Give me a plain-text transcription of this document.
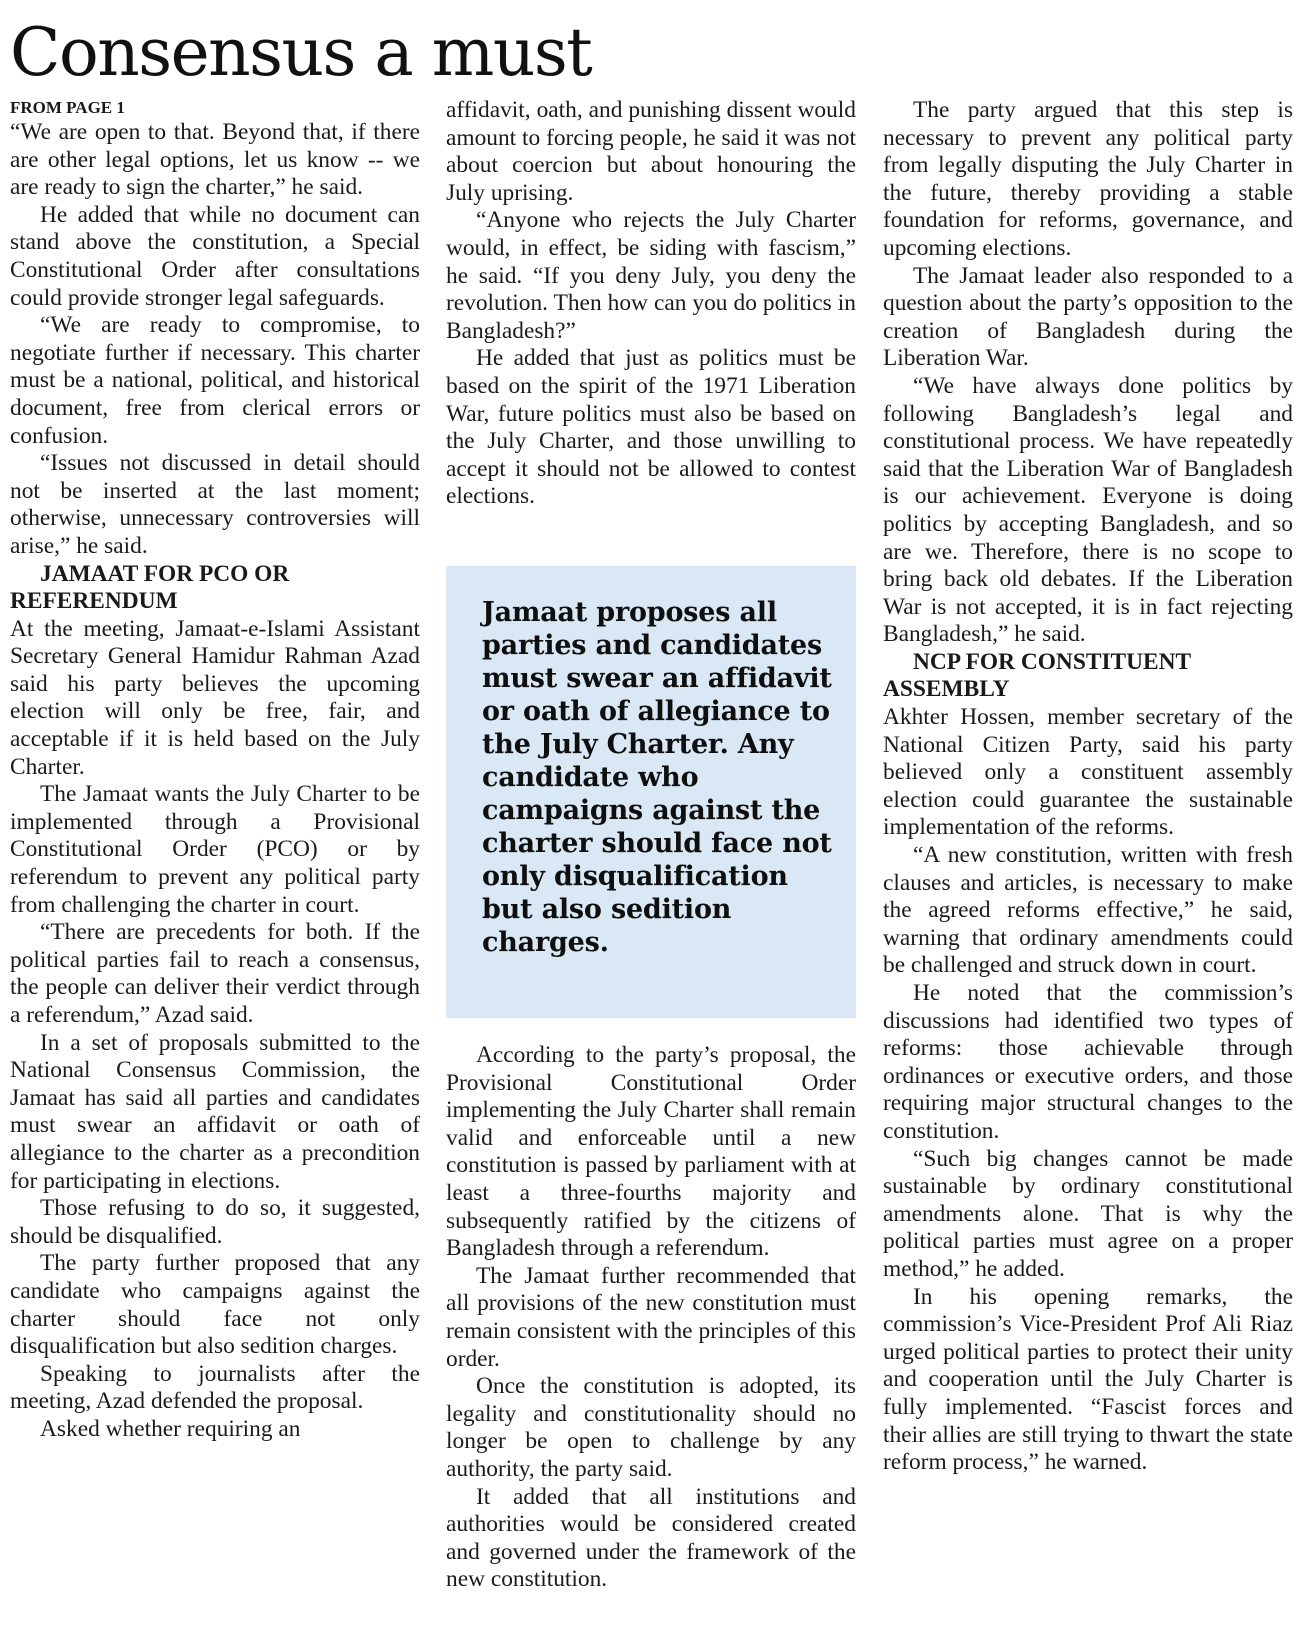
Consensus a must

FROM PAGE 1

“We are open to that. Beyond that, if there are other legal options, let us know -- we are ready to sign the charter,” he said.

He added that while no document can stand above the constitution, a Special Constitutional Order after consultations could provide stronger legal safeguards.

“We are ready to compromise, to negotiate further if necessary. This charter must be a national, political, and historical document, free from clerical errors or confusion.

“Issues not discussed in detail should not be inserted at the last moment; otherwise, unnecessary controversies will arise,” he said.

JAMAAT FOR PCO OR REFERENDUM

At the meeting, Jamaat-e-Islami Assistant Secretary General Hamidur Rahman Azad said his party believes the upcoming election will only be free, fair, and acceptable if it is held based on the July Charter.

The Jamaat wants the July Charter to be implemented through a Provisional Constitutional Order (PCO) or by referendum to prevent any political party from challenging the charter in court.

“There are precedents for both. If the political parties fail to reach a consensus, the people can deliver their verdict through a referendum,” Azad said.

In a set of proposals submitted to the National Consensus Commission, the Jamaat has said all parties and candidates must swear an affidavit or oath of allegiance to the charter as a precondition for participating in elections.

Those refusing to do so, it suggested, should be disqualified.

The party further proposed that any candidate who campaigns against the charter should face not only disqualification but also sedition charges.

Speaking to journalists after the meeting, Azad defended the proposal.

Asked whether requiring an

affidavit, oath, and punishing dissent would amount to forcing people, he said it was not about coercion but about honouring the July uprising.

“Anyone who rejects the July Charter would, in effect, be siding with fascism,” he said. “If you deny July, you deny the revolution. Then how can you do politics in Bangladesh?”

He added that just as politics must be based on the spirit of the 1971 Liberation War, future politics must also be based on the July Charter, and those unwilling to accept it should not be allowed to contest elections.

Jamaat proposes all parties and candidates must swear an affidavit or oath of allegiance to the July Charter. Any candidate who campaigns against the charter should face not only disqualification but also sedition charges.

According to the party’s proposal, the Provisional Constitutional Order implementing the July Charter shall remain valid and enforceable until a new constitution is passed by parliament with at least a three-fourths majority and subsequently ratified by the citizens of Bangladesh through a referendum.

The Jamaat further recommended that all provisions of the new constitution must remain consistent with the principles of this order.

Once the constitution is adopted, its legality and constitutionality should no longer be open to challenge by any authority, the party said.

It added that all institutions and authorities would be considered created and governed under the framework of the new constitution.

The party argued that this step is necessary to prevent any political party from legally disputing the July Charter in the future, thereby providing a stable foundation for reforms, governance, and upcoming elections.

The Jamaat leader also responded to a question about the party’s opposition to the creation of Bangladesh during the Liberation War.

“We have always done politics by following Bangladesh’s legal and constitutional process. We have repeatedly said that the Liberation War of Bangladesh is our achievement. Everyone is doing politics by accepting Bangladesh, and so are we. Therefore, there is no scope to bring back old debates. If the Liberation War is not accepted, it is in fact rejecting Bangladesh,” he said.

NCP FOR CONSTITUENT ASSEMBLY

Akhter Hossen, member secretary of the National Citizen Party, said his party believed only a constituent assembly election could guarantee the sustainable implementation of the reforms.

“A new constitution, written with fresh clauses and articles, is necessary to make the agreed reforms effective,” he said, warning that ordinary amendments could be challenged and struck down in court.

He noted that the commission’s discussions had identified two types of reforms: those achievable through ordinances or executive orders, and those requiring major structural changes to the constitution.

“Such big changes cannot be made sustainable by ordinary constitutional amendments alone. That is why the political parties must agree on a proper method,” he added.

In his opening remarks, the commission’s Vice-President Prof Ali Riaz urged political parties to protect their unity and cooperation until the July Charter is fully implemented. “Fascist forces and their allies are still trying to thwart the state reform process,” he warned.
